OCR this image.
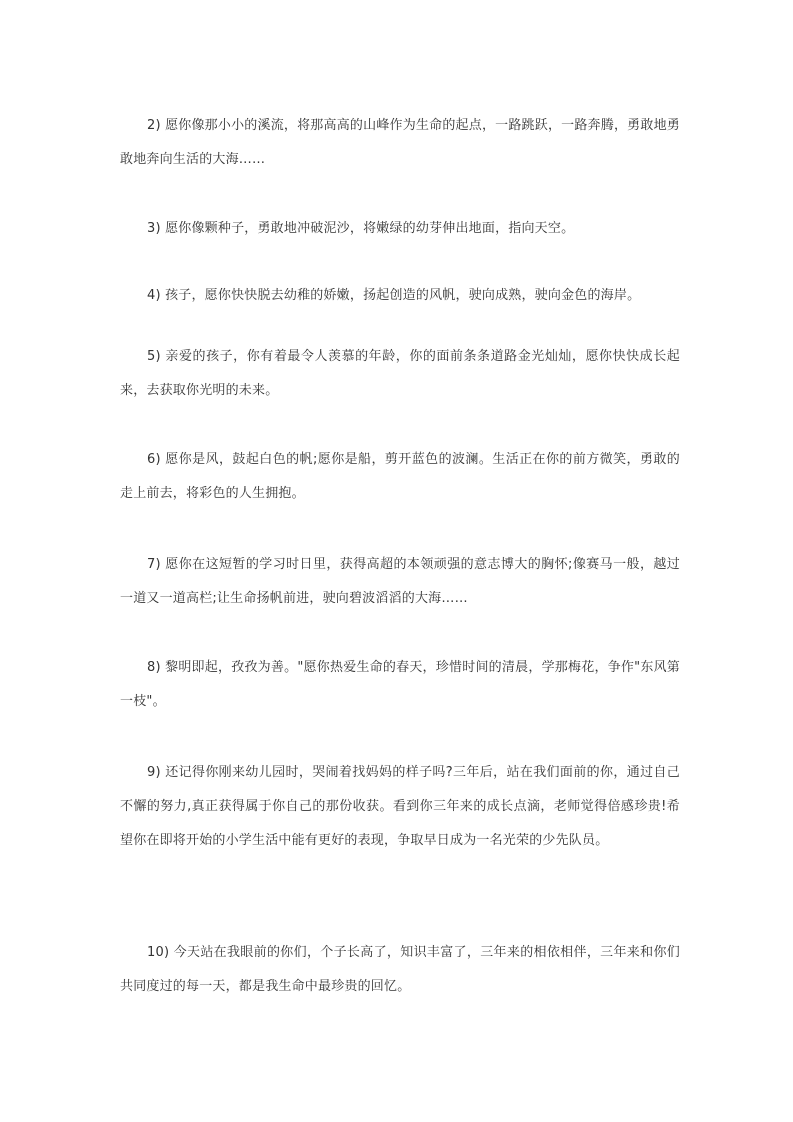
2) 愿你像那小小的溪流，将那高高的山峰作为生命的起点，一路跳跃，一路奔腾，勇敢地勇敢地奔向生活的大海……

3) 愿你像颗种子，勇敢地冲破泥沙，将嫩绿的幼芽伸出地面，指向天空。

4) 孩子，愿你快快脱去幼稚的娇嫩，扬起创造的风帆，驶向成熟，驶向金色的海岸。

5) 亲爱的孩子，你有着最令人羡慕的年龄，你的面前条条道路金光灿灿，愿你快快成长起来，去获取你光明的未来。

6) 愿你是风，鼓起白色的帆;愿你是船，剪开蓝色的波澜。生活正在你的前方微笑，勇敢的走上前去，将彩色的人生拥抱。

7) 愿你在这短暂的学习时日里，获得高超的本领顽强的意志博大的胸怀;像赛马一般，越过一道又一道高栏;让生命扬帆前进，驶向碧波滔滔的大海……

8) 黎明即起，孜孜为善。"愿你热爱生命的春天，珍惜时间的清晨，学那梅花，争作"东风第一枝"。

9) 还记得你刚来幼儿园时，哭闹着找妈妈的样子吗?三年后，站在我们面前的你，通过自己不懈的努力,真正获得属于你自己的那份收获。看到你三年来的成长点滴，老师觉得倍感珍贵!希望你在即将开始的小学生活中能有更好的表现，争取早日成为一名光荣的少先队员。

10) 今天站在我眼前的你们，个子长高了，知识丰富了，三年来的相依相伴，三年来和你们共同度过的每一天，都是我生命中最珍贵的回忆。
